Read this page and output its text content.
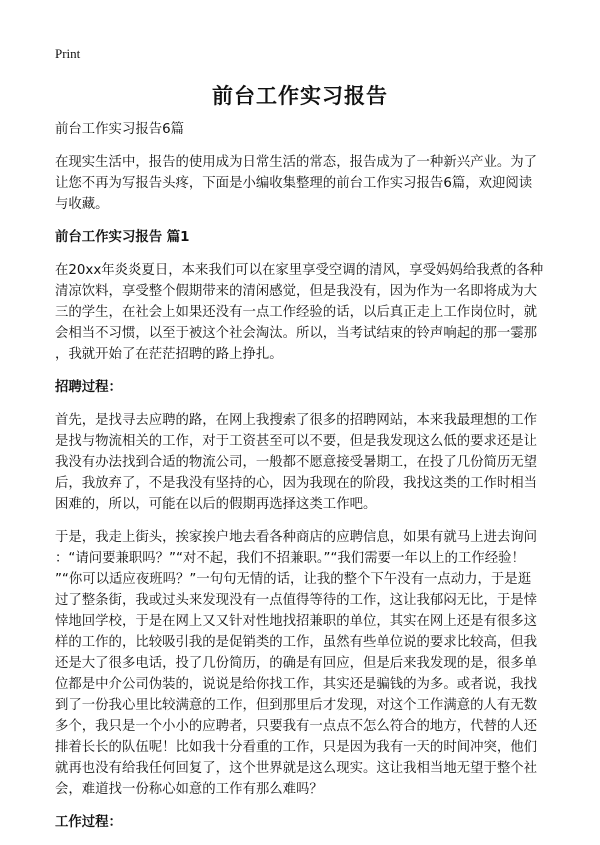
Print
前台工作实习报告
前台工作实习报告6篇
在现实生活中，报告的使用成为日常生活的常态，报告成为了一种新兴产业。为了
让您不再为写报告头疼，下面是小编收集整理的前台工作实习报告6篇，欢迎阅读
与收藏。
前台工作实习报告 篇1
在20xx年炎炎夏日，本来我们可以在家里享受空调的清风，享受妈妈给我煮的各种
清凉饮料，享受整个假期带来的清闲感觉，但是我没有，因为作为一名即将成为大
三的学生，在社会上如果还没有一点工作经验的话，以后真正走上工作岗位时，就
会相当不习惯，以至于被这个社会淘汰。所以，当考试结束的铃声响起的那一霎那
，我就开始了在茫茫招聘的路上挣扎。
招聘过程：
首先，是找寻去应聘的路，在网上我搜索了很多的招聘网站，本来我最理想的工作
是找与物流相关的工作，对于工资甚至可以不要，但是我发现这么低的要求还是让
我没有办法找到合适的物流公司，一般都不愿意接受暑期工，在投了几份简历无望
后，我放弃了，不是我没有坚持的心，因为我现在的阶段，我找这类的工作时相当
困难的，所以，可能在以后的假期再选择这类工作吧。
于是，我走上街头，挨家挨户地去看各种商店的应聘信息，如果有就马上进去询问
：“请问要兼职吗？”“对不起，我们不招兼职。”“我们需要一年以上的工作经验！
”“你可以适应夜班吗？”一句句无情的话，让我的整个下午没有一点动力，于是逛
过了整条街，我或过头来发现没有一点值得等待的工作，这让我郁闷无比，于是悻
悻地回学校，于是在网上又又针对性地找招兼职的单位，其实在网上还是有很多这
样的工作的，比较吸引我的是促销类的工作，虽然有些单位说的要求比较高，但我
还是大了很多电话，投了几份简历，的确是有回应，但是后来我发现的是，很多单
位都是中介公司伪装的，说说是给你找工作，其实还是骗钱的为多。或者说，我找
到了一份我心里比较满意的工作，但到那里后才发现，对这个工作满意的人有无数
多个，我只是一个小小的应聘者，只要我有一点点不怎么符合的地方，代替的人还
排着长长的队伍呢！比如我十分看重的工作，只是因为我有一天的时间冲突，他们
就再也没有给我任何回复了，这个世界就是这么现实。这让我相当地无望于整个社
会，难道找一份称心如意的工作有那么难吗？
工作过程：
